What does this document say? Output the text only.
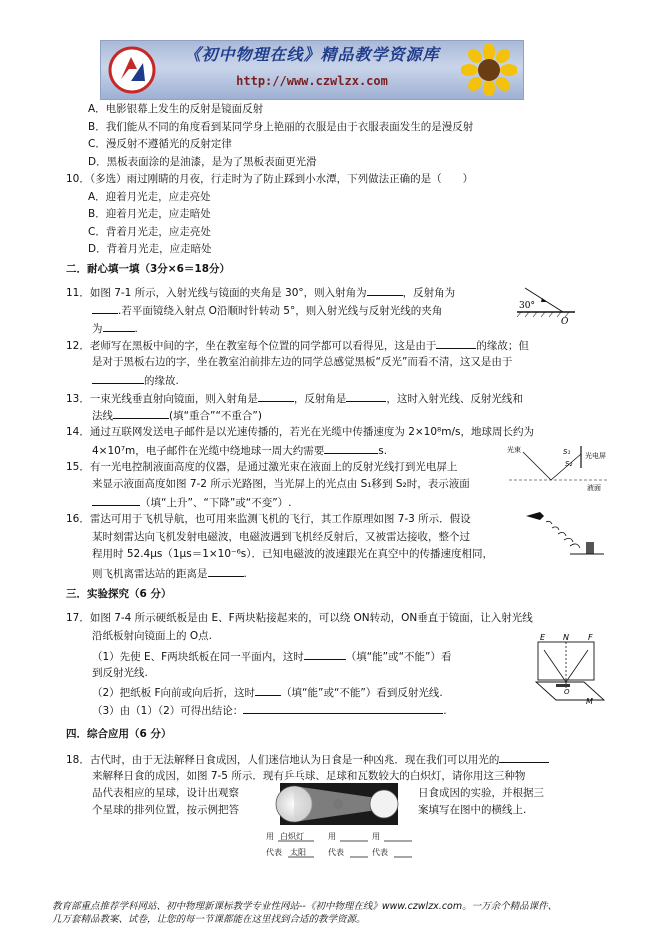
《初中物理在线》精品教学资源库
http://www.czwlzx.com
A．电影银幕上发生的反射是镜面反射
B．我们能从不同的角度看到某同学身上艳丽的衣服是由于衣服表面发生的是漫反射
C．漫反射不遵循光的反射定律
D．黑板表面涂的是油漆，是为了黑板表面更光滑
10．（多选）雨过刚睛的月夜，行走时为了防止踩到小水潭，下列做法正确的是（　　）
A．迎着月光走，应走亮处
B．迎着月光走，应走暗处
C．背着月光走，应走亮处
D．背着月光走，应走暗处
二．耐心填一填（3分×6＝18分）
11．如图 7-1 所示，入射光线与镜面的夹角是 30°，则入射角为	，反射角为
.若平面镜绕入射点 O沿顺时针转动 5°，则入射光线与反射光线的夹角
为	.
30°
O
12．老师写在黑板中间的字，坐在教室每个位置的同学都可以看得见，这是由于	的缘故；但
是对于黑板右边的字，坐在教室泊前排左边的同学总感觉黑板“反光”而看不清，这又是由于
的缘故.
13．一束光线垂直射向镜面，则入射角是	，反射角是	，这时入射光线、反射光线和
法线	(填“重合”“不重合”)
14．通过互联网发送电子邮件是以光速传播的，若光在光缆中传播速度为 2×10⁸m/s，地球周长约为
4×10⁷m，电子邮件在光缆中绕地球一周大约需要	s.
15．有一光电控制液面高度的仪器，是通过激光束在液面上的反射光线打到光电屏上
来显示液面高度如图 7-2 所示光路图，当光屏上的光点由 S₁移到 S₂时，表示液面
（填“上升”、“下降”或“不变”）.
光束	S₁
S₂
光电屏
液面
16．雷达可用于飞机导航，也可用来监测飞机的飞行，其工作原理如图 7-3 所示．假设
某时刻雷达向飞机发射电磁波，电磁波遇到飞机经反射后，又被雷达接收，整个过
程用时 52.4μs（1μs＝1×10⁻⁶s）．已知电磁波的波速跟光在真空中的传播速度相同，
则飞机离雷达站的距离是	.
三．实验探究（6 分）
17．如图 7-4 所示硬纸板是由 E、F两块粘接起来的，可以绕 ON转动，ON垂直于镜面，让入射光线
沿纸板射向镜面上的 O点.
（1）先使 E、F两块纸板在同一平面内，这时	（填“能”或“不能”）看
到反射光线.
（2）把纸板 F向前或向后折，这时 （填“能”或“不能”）看到反射光线.
（3）由（1）（2）可得出结论：	.
E N F
O
M
四．综合应用（6 分）
18．古代时，由于无法解释日食成因，人们迷信地认为日食是一种凶兆．现在我们可以用光的
来解释日食的成因，如图 7-5 所示．现有乒乓球、足球和瓦数较大的白炽灯，请你用这三种物
品代表相应的星球，设计出观察	日食成因的实验，并根据三
个星球的排列位置，按示例把答	案填写在图中的横线上.
用 白炽灯	用	用
代表 太阳	代表	代表
教育部重点推荐学科网站、初中物理新课标教学专业性网站--《初中物理在线》www.czwlzx.com。一万余个精品课件、
几万套精品教案、试卷，让您的每一节课都能在这里找到合适的教学资源。
